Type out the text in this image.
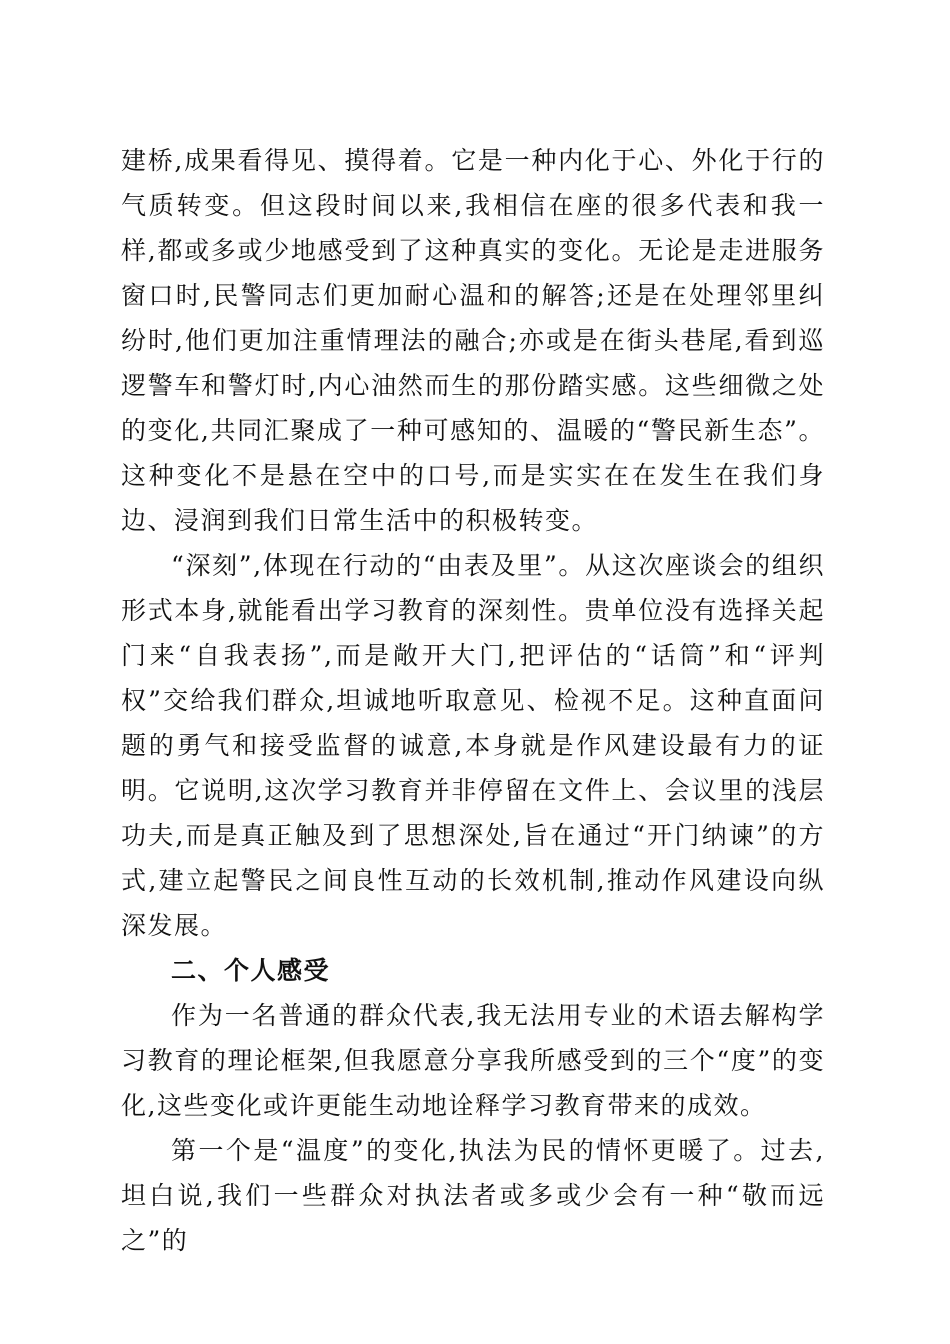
建桥,成果看得见、摸得着。它是一种内化于心、外化于行的气质转变。但这段时间以来,我相信在座的很多代表和我一样,都或多或少地感受到了这种真实的变化。无论是走进服务窗口时,民警同志们更加耐心温和的解答;还是在处理邻里纠纷时,他们更加注重情理法的融合;亦或是在街头巷尾,看到巡逻警车和警灯时,内心油然而生的那份踏实感。这些细微之处的变化,共同汇聚成了一种可感知的、温暖的“警民新生态”。这种变化不是悬在空中的口号,而是实实在在发生在我们身边、浸润到我们日常生活中的积极转变。

“深刻”,体现在行动的“由表及里”。从这次座谈会的组织形式本身,就能看出学习教育的深刻性。贵单位没有选择关起门来“自我表扬”,而是敞开大门,把评估的“话筒”和“评判权”交给我们群众,坦诚地听取意见、检视不足。这种直面问题的勇气和接受监督的诚意,本身就是作风建设最有力的证明。它说明,这次学习教育并非停留在文件上、会议里的浅层功夫,而是真正触及到了思想深处,旨在通过“开门纳谏”的方式,建立起警民之间良性互动的长效机制,推动作风建设向纵深发展。

二、个人感受

作为一名普通的群众代表,我无法用专业的术语去解构学习教育的理论框架,但我愿意分享我所感受到的三个“度”的变化,这些变化或许更能生动地诠释学习教育带来的成效。

第一个是“温度”的变化,执法为民的情怀更暖了。过去,坦白说,我们一些群众对执法者或多或少会有一种“敬而远之”的
